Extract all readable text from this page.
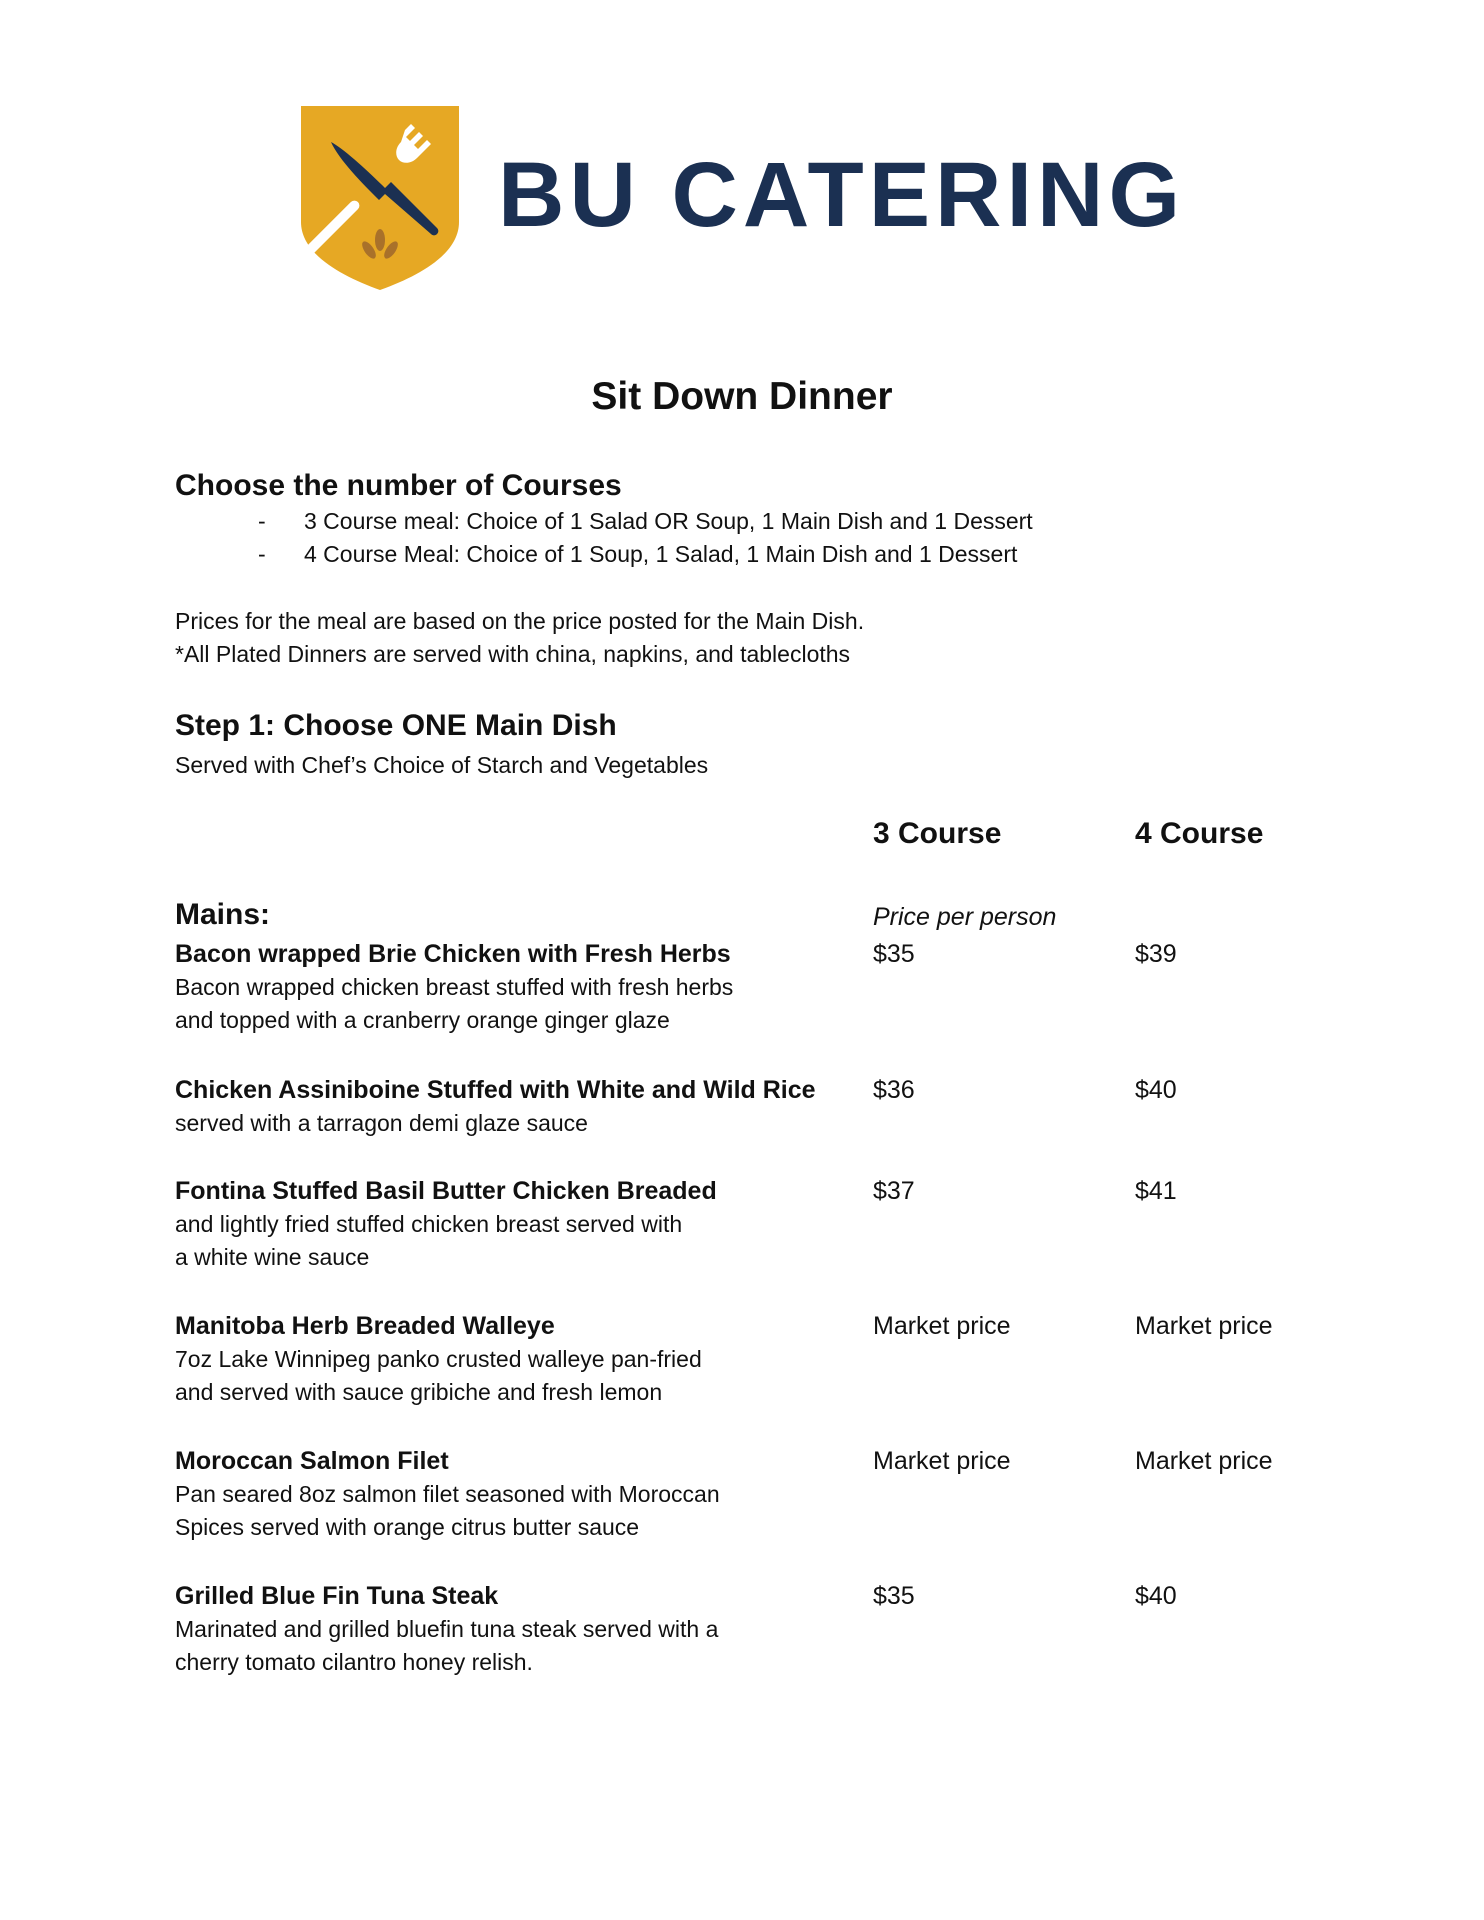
BU CATERING
Sit Down Dinner
Choose the number of Courses
- 3 Course meal: Choice of 1 Salad OR Soup, 1 Main Dish and 1 Dessert
- 4 Course Meal: Choice of 1 Soup, 1 Salad, 1 Main Dish and 1 Dessert
Prices for the meal are based on the price posted for the Main Dish.
*All Plated Dinners are served with china, napkins, and tablecloths
Step 1: Choose ONE Main Dish
Served with Chef’s Choice of Starch and Vegetables
3 Course	4 Course
Mains:	Price per person
Bacon wrapped Brie Chicken with Fresh Herbs
Bacon wrapped chicken breast stuffed with fresh herbs
and topped with a cranberry orange ginger glaze
$35	$39
Chicken Assiniboine Stuffed with White and Wild Rice
served with a tarragon demi glaze sauce
$36	$40
Fontina Stuffed Basil Butter Chicken Breaded
and lightly fried stuffed chicken breast served with
a white wine sauce
$37	$41
Manitoba Herb Breaded Walleye
7oz Lake Winnipeg panko crusted walleye pan-fried
and served with sauce gribiche and fresh lemon
Market price	Market price
Moroccan Salmon Filet
Pan seared 8oz salmon filet seasoned with Moroccan
Spices served with orange citrus butter sauce
Market price	Market price
Grilled Blue Fin Tuna Steak
Marinated and grilled bluefin tuna steak served with a
cherry tomato cilantro honey relish.
$35	$40
